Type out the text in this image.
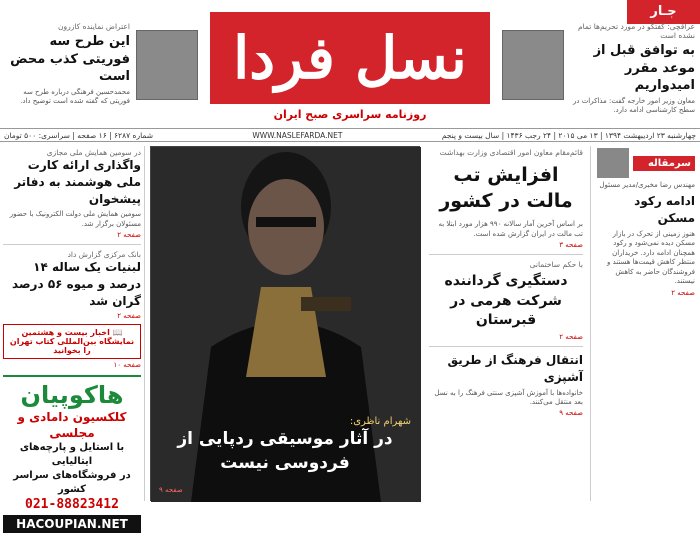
جـار
نسل فردا
روزنامه سراسری صبح ایران
عراقچی: گفتگو در مورد تحریم‌ها تمام نشده است
به توافق قبل از موعد مقرر امیدواریم
معاون وزیر امور خارجه گفت: مذاکرات در سطح کارشناسی ادامه دارد.
اعتراض نماینده کازرون
این طرح سه فوریتی کذب محض است
محمدحسین فرهنگی درباره طرح سه فوریتی که گفته شده است توضیح داد.
چهارشنبه ۲۳ اردیبهشت ۱۳۹۴ | ۱۳ می ۲۰۱۵ | ۲۴ رجب ۱۴۳۶ | سال بیست و پنجم
WWW.NASLEFARDA.NET
شماره ۶۲۸۷ | ۱۶ صفحه | سراسری: ۵۰۰ تومان
سرمقاله
مهندس رضا مخبری/مدیر مسئول
ادامه رکود مسکن
هنوز زمینی از تحرک در بازار مسکن دیده نمی‌شود و رکود همچنان ادامه دارد. خریداران منتظر کاهش قیمت‌ها هستند و فروشندگان حاضر به کاهش نیستند.
صفحه ۲
قائم‌مقام معاون امور اقتصادی وزارت بهداشت
افزایش تب مالت در کشور
بر اساس آخرین آمار سالانه ۹۹۰ هزار مورد ابتلا به تب مالت در ایران گزارش شده است.
صفحه ۳
با حکم ساختمانی
دستگیری گرداننده شرکت هرمی در قبرستان
صفحه ۲
انتقال فرهنگ از طریق آشپزی
خانواده‌ها با آموزش آشپزی سنتی فرهنگ را به نسل بعد منتقل می‌کنند.
صفحه ۹
شهرام ناظری:
در آثار موسیقی ردپایی از فردوسی نیست
صفحه ۹
در سومین همایش ملی مجازی
واگذاری ارائه کارت ملی هوشمند به دفاتر پیشخوان
سومین همایش ملی دولت الکترونیک با حضور مسئولان برگزار شد.
صفحه ۲
بانک مرکزی گزارش داد
لبنیات یک ساله ۱۴ درصد و میوه ۵۶ درصد گران شد
صفحه ۲
📖 اخبار بیست و هشتمین نمایشگاه بین‌المللی کتاب تهران را بخوانید
صفحه ۱۰
هاکوپیان
کلکسیون دامادی و مجلسی
با استایل و پارچه‌های ایتالیایی
در فروشگاه‌های سراسر کشور
021-88823412
HACOUPIAN.NET
